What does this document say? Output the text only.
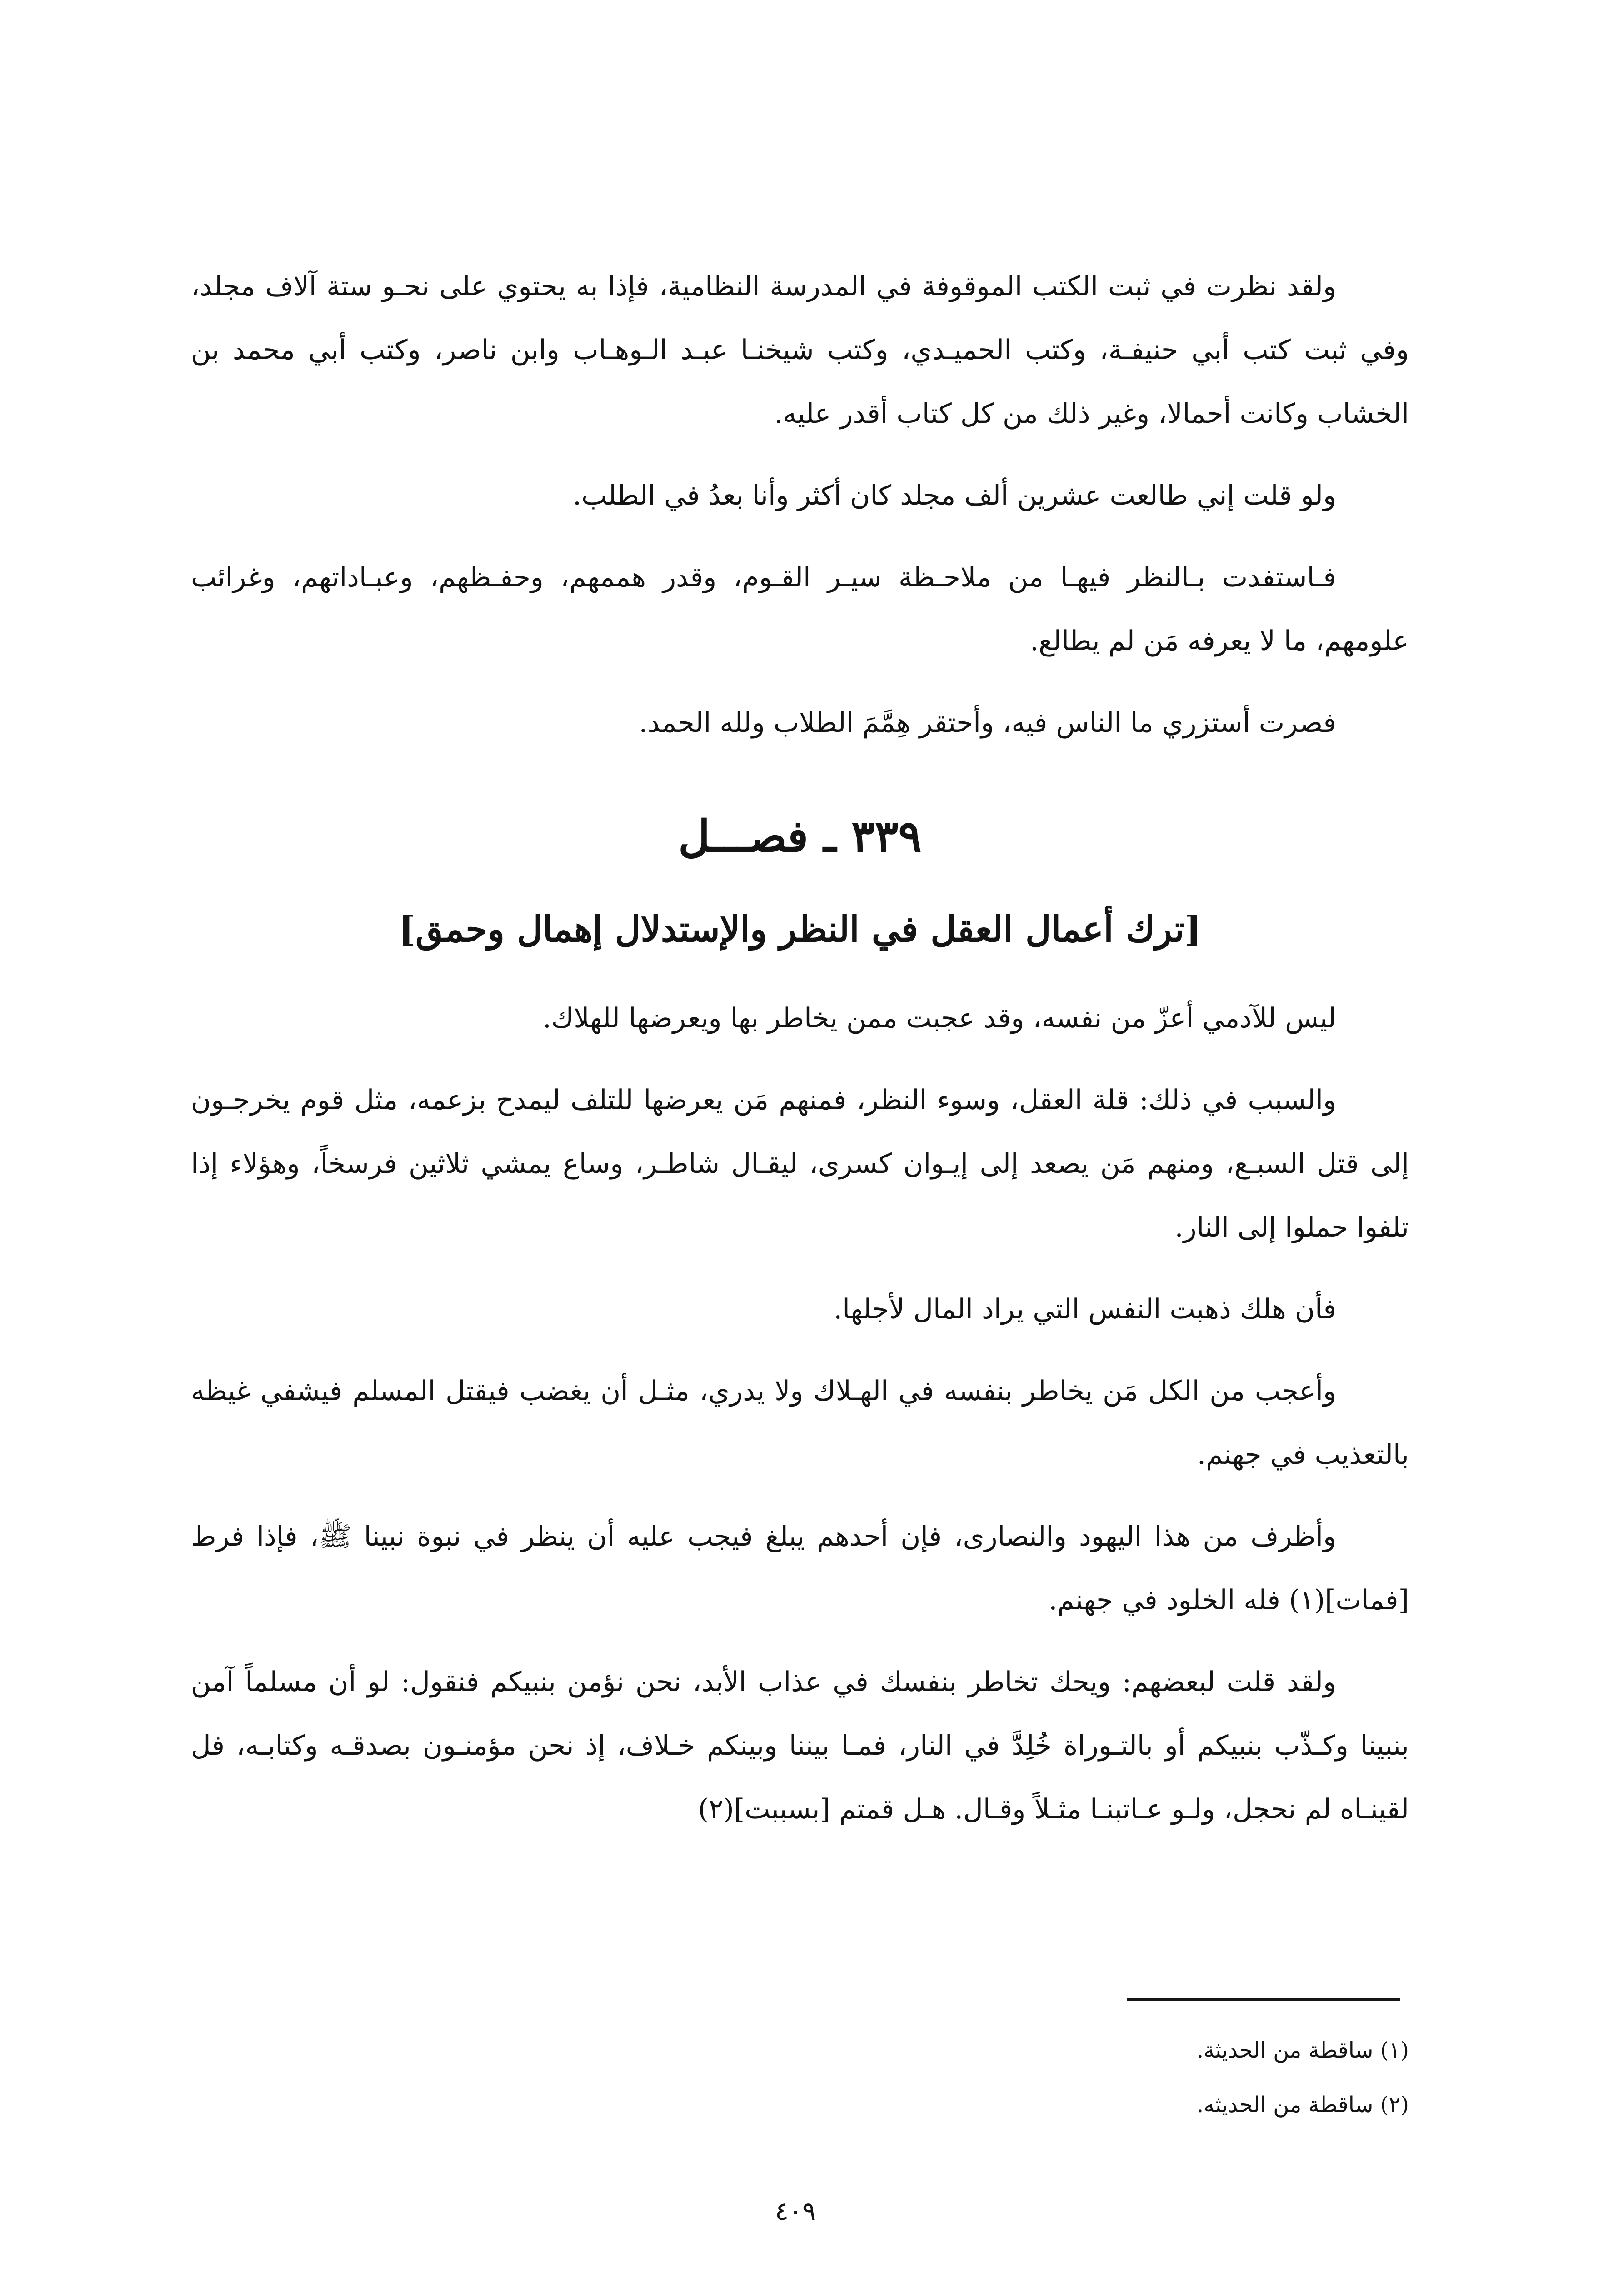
ولقد نظرت في ثبت الكتب الموقوفة في المدرسة النظامية، فإذا به يحتوي على نحـو ستة آلاف مجلد، وفي ثبت كتب أبي حنيفـة، وكتب الحميـدي، وكتب شيخنـا عبـد الـوهـاب وابن ناصر، وكتب أبي محمد بن الخشاب وكانت أحمالا، وغير ذلك من كل كتاب أقدر عليه.

ولو قلت إني طالعت عشرين ألف مجلد كان أكثر وأنا بعدُ في الطلب.

فـاستفدت بـالنظر فيهـا من ملاحـظة سيـر القـوم، وقدر هممهم، وحفـظهم، وعبـاداتهم، وغرائب علومهم، ما لا يعرفه مَن لم يطالع.

فصرت أستزري ما الناس فيه، وأحتقر هِمَّمَ الطلاب ولله الحمد.

٣٣٩ ـ فصـــل
[ترك أعمال العقل في النظر والإستدلال إهمال وحمق]

ليس للآدمي أعزّ من نفسه، وقد عجبت ممن يخاطر بها ويعرضها للهلاك.

والسبب في ذلك: قلة العقل، وسوء النظر، فمنهم مَن يعرضها للتلف ليمدح بزعمه، مثل قوم يخرجـون إلى قتل السبـع، ومنهم مَن يصعد إلى إيـوان كسرى، ليقـال شاطـر، وساع يمشي ثلاثين فرسخاً، وهؤلاء إذا تلفوا حملوا إلى النار.

فأن هلك ذهبت النفس التي يراد المال لأجلها.

وأعجب من الكل مَن يخاطر بنفسه في الهـلاك ولا يدري، مثـل أن يغضب فيقتل المسلم فيشفي غيظه بالتعذيب في جهنم.

وأظرف من هذا اليهود والنصارى، فإن أحدهم يبلغ فيجب عليه أن ينظر في نبوة نبينا ﷺ، فإذا فرط [فمات](١) فله الخلود في جهنم.

ولقد قلت لبعضهم: ويحك تخاطر بنفسك في عذاب الأبد، نحن نؤمن بنبيكم فنقول: لو أن مسلماً آمن بنبينا وكـذّب بنبيكم أو بالتـوراة خُلِدَّ في النار، فمـا بيننا وبينكم خـلاف، إذ نحن مؤمنـون بصدقـه وكتابـه، فل لقينـاه لم نحجل، ولـو عـاتبنـا مثـلاً وقـال. هـل قمتم [بسببت](٢)

(١) ساقطة من الحديثة.

(٢) ساقطة من الحديثه.

٤٠٩
